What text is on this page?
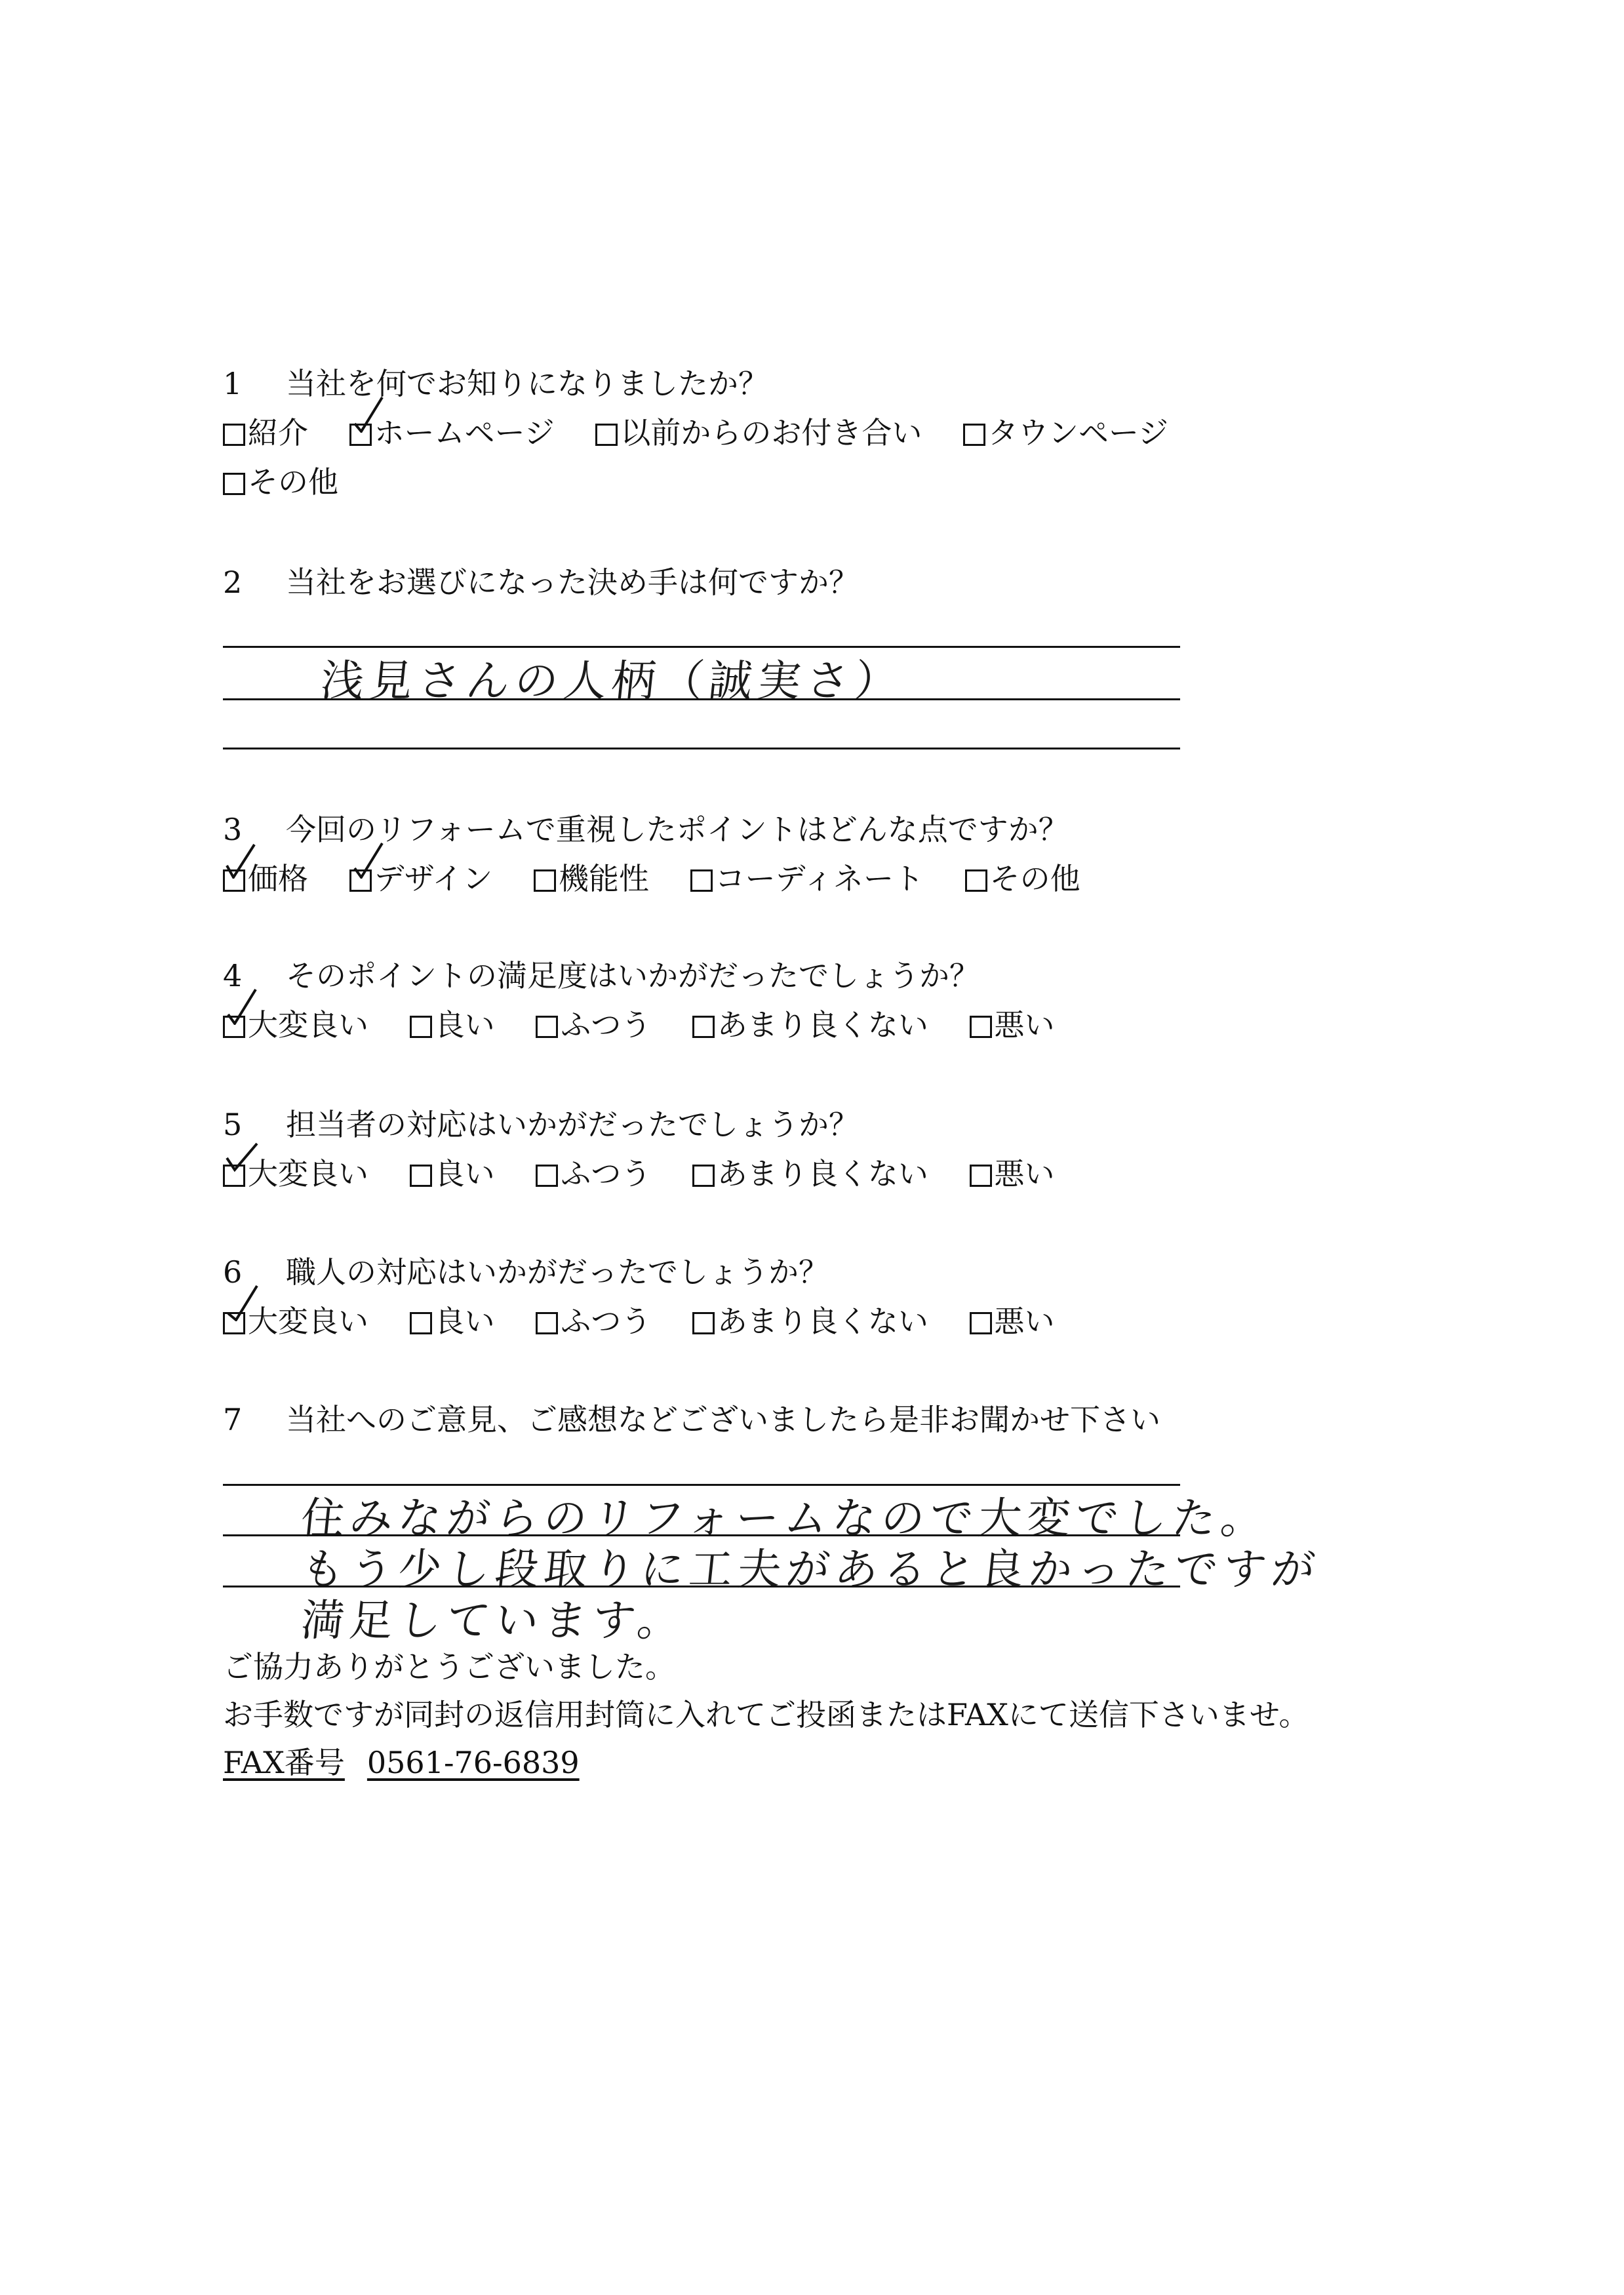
1 当社を何でお知りになりましたか？
紹介 ホームページ 以前からのお付き合い タウンページ
その他
2 当社をお選びになった決め手は何ですか？
浅見さんの人柄（誠実さ）
3 今回のリフォームで重視したポイントはどんな点ですか？
価格 デザイン 機能性 コーディネート その他
4 そのポイントの満足度はいかがだったでしょうか？
大変良い 良い ふつう あまり良くない 悪い
5 担当者の対応はいかがだったでしょうか？
大変良い 良い ふつう あまり良くない 悪い
6 職人の対応はいかがだったでしょうか？
大変良い 良い ふつう あまり良くない 悪い
7 当社へのご意見、ご感想などございましたら是非お聞かせ下さい
住みながらのリフォームなので大変でした。
もう少し段取りに工夫があると良かったですが
満足しています。
ご協力ありがとうございました。
お手数ですが同封の返信用封筒に入れてご投函またはFAXにて送信下さいませ。
FAX番号 0561-76-6839
